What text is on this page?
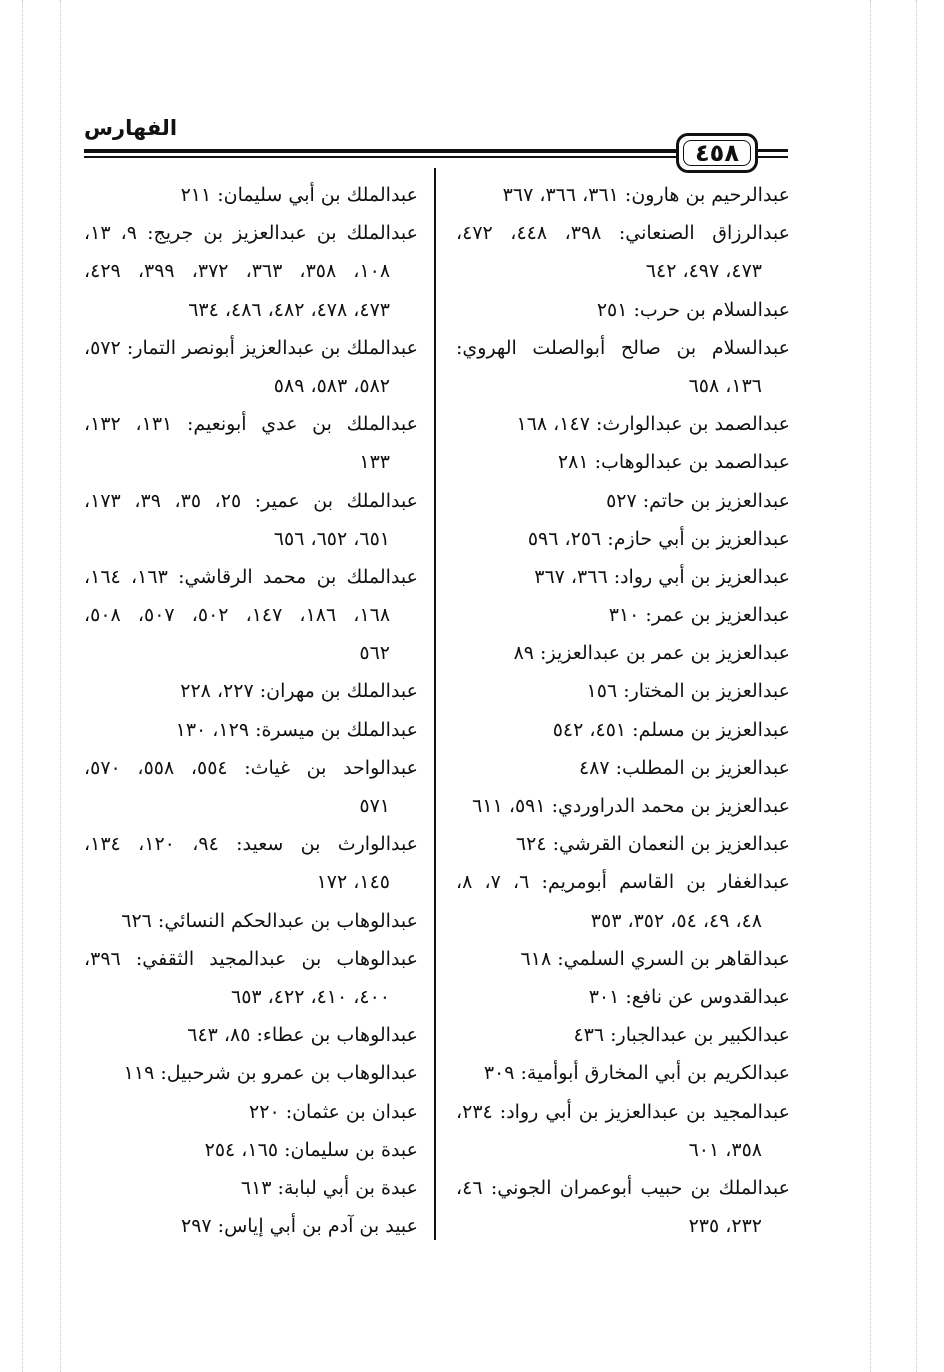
الفهارس
٤٥٨
عبدالرحيم بن هارون: ٣٦١، ٣٦٦، ٣٦٧
عبدالرزاق الصنعاني: ٣٩٨، ٤٤٨، ٤٧٢،
٤٧٣، ٤٩٧، ٦٤٢
عبدالسلام بن حرب: ٢٥١
عبدالسلام بن صالح أبوالصلت الهروي:
١٣٦، ٦٥٨
عبدالصمد بن عبدالوارث: ١٤٧، ١٦٨
عبدالصمد بن عبدالوهاب: ٢٨١
عبدالعزيز بن حاتم: ٥٢٧
عبدالعزيز بن أبي حازم: ٢٥٦، ٥٩٦
عبدالعزيز بن أبي رواد: ٣٦٦، ٣٦٧
عبدالعزيز بن عمر: ٣١٠
عبدالعزيز بن عمر بن عبدالعزيز: ٨٩
عبدالعزيز بن المختار: ١٥٦
عبدالعزيز بن مسلم: ٤٥١، ٥٤٢
عبدالعزيز بن المطلب: ٤٨٧
عبدالعزيز بن محمد الدراوردي: ٥٩١، ٦١١
عبدالعزيز بن النعمان القرشي: ٦٢٤
عبدالغفار بن القاسم أبومريم: ٦، ٧، ٨،
٤٨، ٤٩، ٥٤، ٣٥٢، ٣٥٣
عبدالقاهر بن السري السلمي: ٦١٨
عبدالقدوس عن نافع: ٣٠١
عبدالكبير بن عبدالجبار: ٤٣٦
عبدالكريم بن أبي المخارق أبوأمية: ٣٠٩
عبدالمجيد بن عبدالعزيز بن أبي رواد: ٢٣٤،
٣٥٨، ٦٠١
عبدالملك بن حبيب أبوعمران الجوني: ٤٦،
٢٣٢، ٢٣٥
عبدالملك بن أبي سليمان: ٢١١
عبدالملك بن عبدالعزيز بن جريج: ٩، ١٣،
١٠٨، ٣٥٨، ٣٦٣، ٣٧٢، ٣٩٩، ٤٢٩،
٤٧٣، ٤٧٨، ٤٨٢، ٤٨٦، ٦٣٤
عبدالملك بن عبدالعزيز أبونصر التمار: ٥٧٢،
٥٨٢، ٥٨٣، ٥٨٩
عبدالملك بن عدي أبونعيم: ١٣١، ١٣٢،
١٣٣
عبدالملك بن عمير: ٢٥، ٣٥، ٣٩، ١٧٣،
٦٥١، ٦٥٢، ٦٥٦
عبدالملك بن محمد الرقاشي: ١٦٣، ١٦٤،
١٦٨، ١٨٦، ١٤٧، ٥٠٢، ٥٠٧، ٥٠٨،
٥٦٢
عبدالملك بن مهران: ٢٢٧، ٢٢٨
عبدالملك بن ميسرة: ١٢٩، ١٣٠
عبدالواحد بن غياث: ٥٥٤، ٥٥٨، ٥٧٠،
٥٧١
عبدالوارث بن سعيد: ٩٤، ١٢٠، ١٣٤،
١٤٥، ١٧٢
عبدالوهاب بن عبدالحكم النسائي: ٦٢٦
عبدالوهاب بن عبدالمجيد الثقفي: ٣٩٦،
٤٠٠، ٤١٠، ٤٢٢، ٦٥٣
عبدالوهاب بن عطاء: ٨٥، ٦٤٣
عبدالوهاب بن عمرو بن شرحبيل: ١١٩
عبدان بن عثمان: ٢٢٠
عبدة بن سليمان: ١٦٥، ٢٥٤
عبدة بن أبي لبابة: ٦١٣
عبيد بن آدم بن أبي إياس: ٢٩٧
